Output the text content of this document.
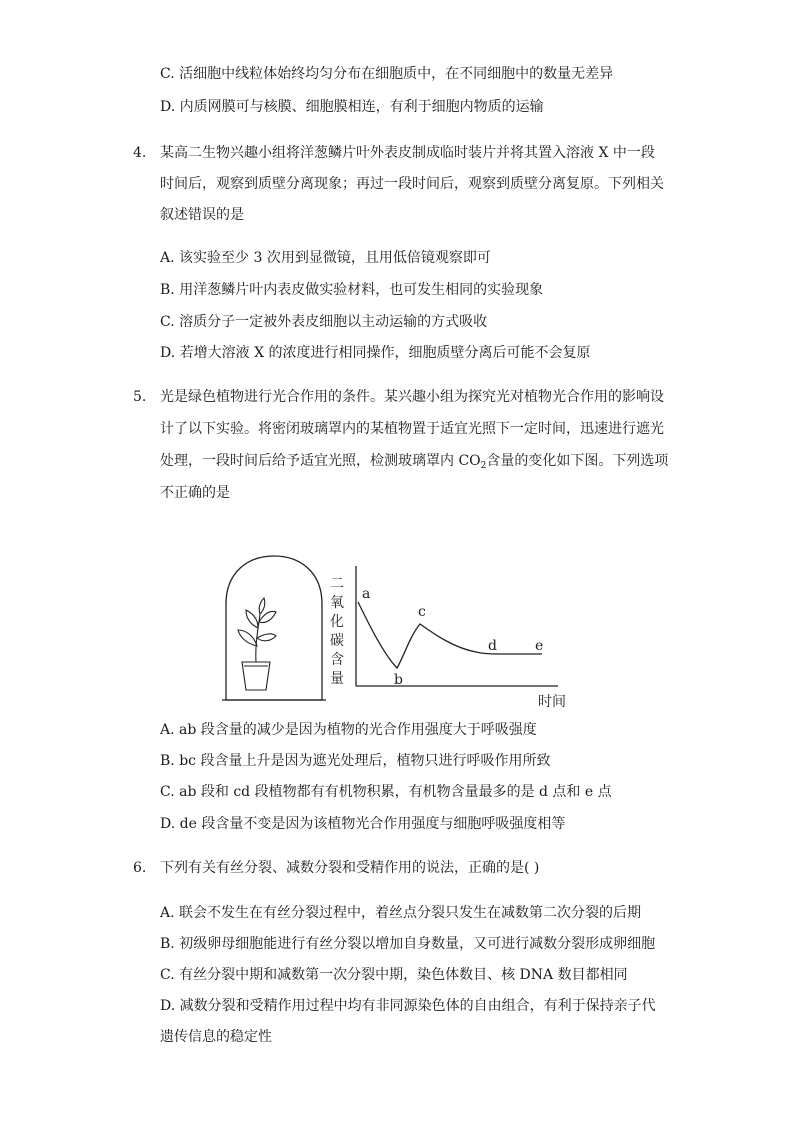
C. 活细胞中线粒体始终均匀分布在细胞质中，在不同细胞中的数量无差异
D. 内质网膜可与核膜、细胞膜相连，有利于细胞内物质的运输
4. 某高二生物兴趣小组将洋葱鳞片叶外表皮制成临时装片并将其置入溶液 X 中一段
时间后，观察到质壁分离现象；再过一段时间后，观察到质壁分离复原。下列相关
叙述错误的是
A. 该实验至少 3 次用到显微镜，且用低倍镜观察即可
B. 用洋葱鳞片叶内表皮做实验材料，也可发生相同的实验现象
C. 溶质分子一定被外表皮细胞以主动运输的方式吸收
D. 若增大溶液 X 的浓度进行相同操作，细胞质壁分离后可能不会复原
5. 光是绿色植物进行光合作用的条件。某兴趣小组为探究光对植物光合作用的影响设
计了以下实验。将密闭玻璃罩内的某植物置于适宜光照下一定时间，迅速进行遮光
处理，一段时间后给予适宜光照，检测玻璃罩内 $CO_2$含量的变化如下图。下列选项
不正确的是
二
氧
化
碳
含
量
时间
a
b
c
d	e
A. ab 段含量的减少是因为植物的光合作用强度大于呼吸强度
B. bc 段含量上升是因为遮光处理后，植物只进行呼吸作用所致
C. ab 段和 cd 段植物都有有机物积累，有机物含量最多的是 d 点和 e 点
D. de 段含量不变是因为该植物光合作用强度与细胞呼吸强度相等
6. 下列有关有丝分裂、减数分裂和受精作用的说法，正确的是( )
A. 联会不发生在有丝分裂过程中，着丝点分裂只发生在减数第二次分裂的后期
B. 初级卵母细胞能进行有丝分裂以增加自身数量，又可进行减数分裂形成卵细胞
C. 有丝分裂中期和减数第一次分裂中期，染色体数目、核 DNA 数目都相同
D. 减数分裂和受精作用过程中均有非同源染色体的自由组合，有利于保持亲子代
遗传信息的稳定性
